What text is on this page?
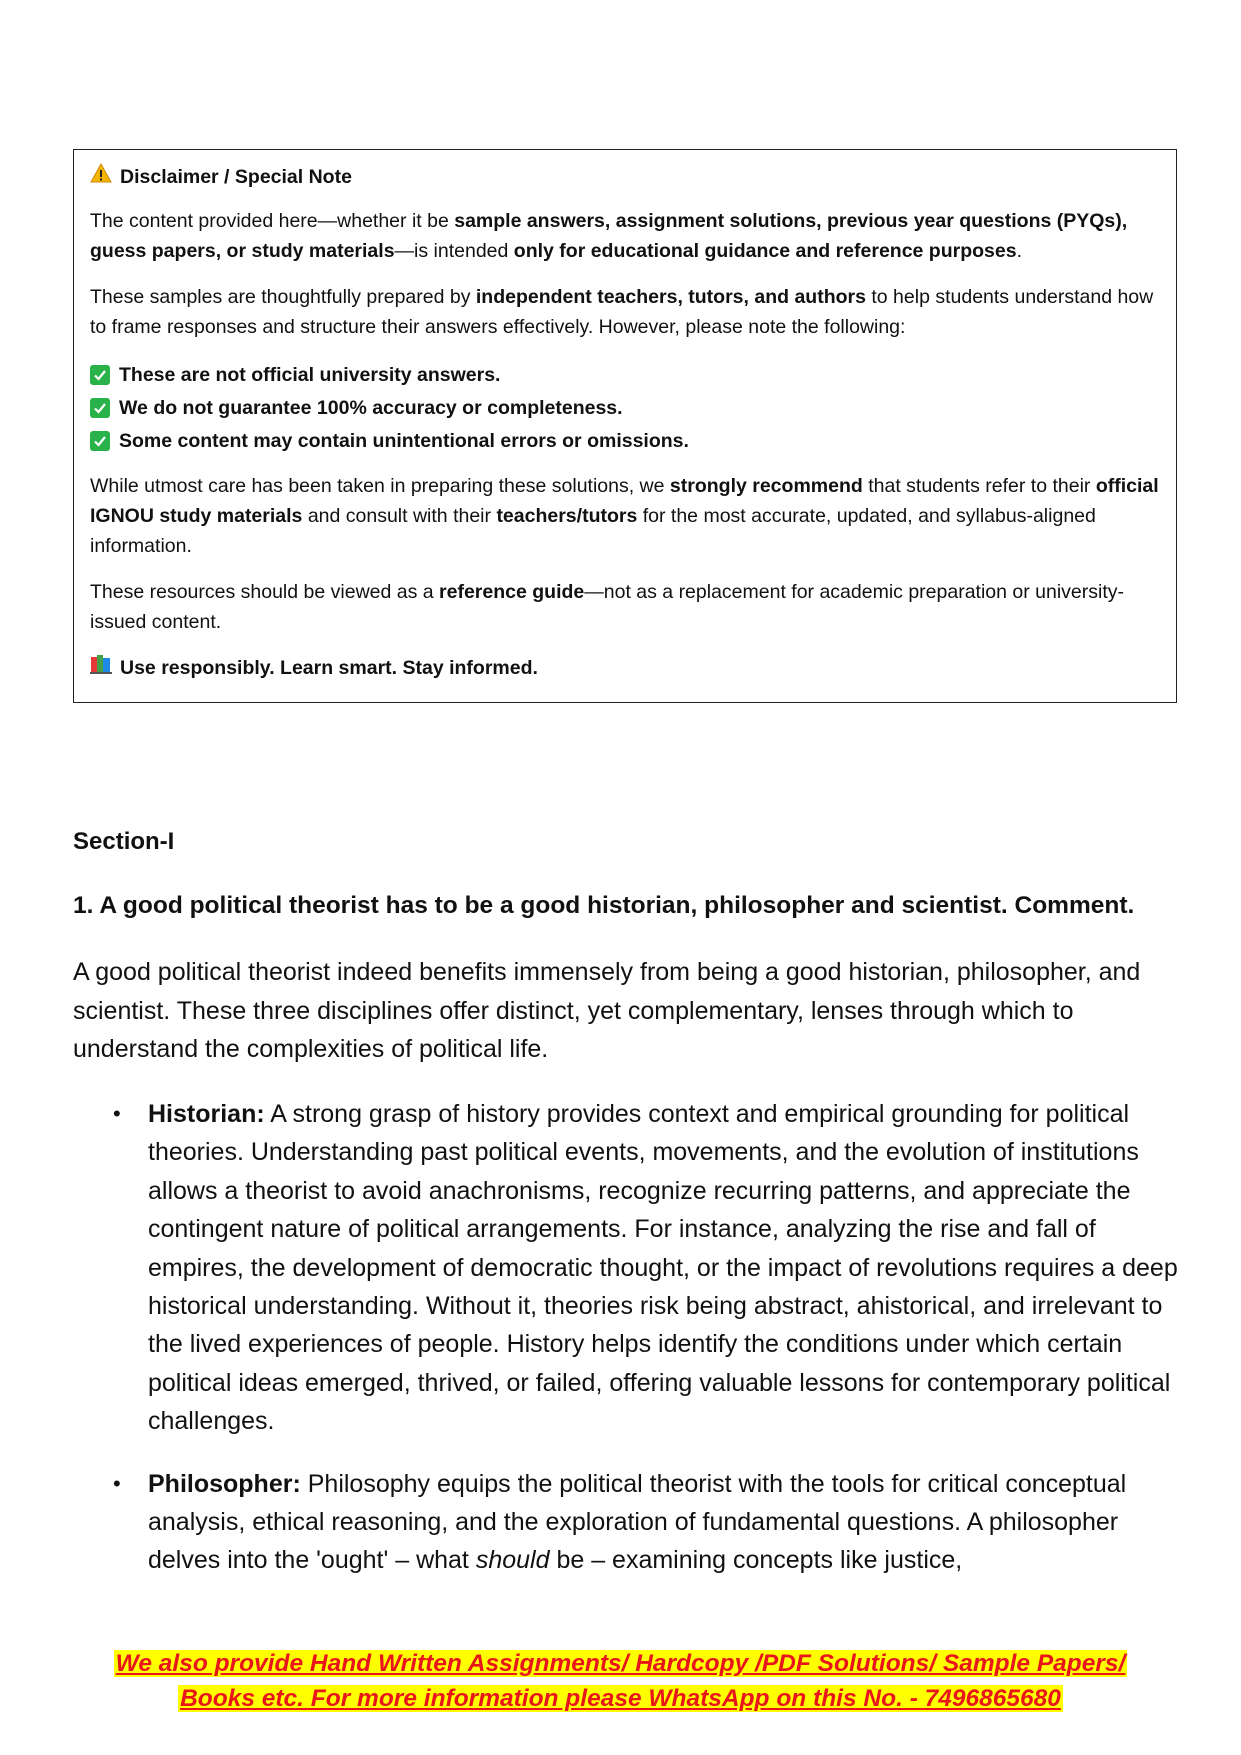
Disclaimer / Special Note

The content provided here—whether it be sample answers, assignment solutions, previous year questions (PYQs), guess papers, or study materials—is intended only for educational guidance and reference purposes.

These samples are thoughtfully prepared by independent teachers, tutors, and authors to help students understand how to frame responses and structure their answers effectively. However, please note the following:

These are not official university answers.
We do not guarantee 100% accuracy or completeness.
Some content may contain unintentional errors or omissions.

While utmost care has been taken in preparing these solutions, we strongly recommend that students refer to their official IGNOU study materials and consult with their teachers/tutors for the most accurate, updated, and syllabus-aligned information.

These resources should be viewed as a reference guide—not as a replacement for academic preparation or university-issued content.

Use responsibly. Learn smart. Stay informed.
Section-I
1. A good political theorist has to be a good historian, philosopher and scientist. Comment.

A good political theorist indeed benefits immensely from being a good historian, philosopher, and scientist. These three disciplines offer distinct, yet complementary, lenses through which to understand the complexities of political life.

• Historian: A strong grasp of history provides context and empirical grounding for political theories. Understanding past political events, movements, and the evolution of institutions allows a theorist to avoid anachronisms, recognize recurring patterns, and appreciate the contingent nature of political arrangements. For instance, analyzing the rise and fall of empires, the development of democratic thought, or the impact of revolutions requires a deep historical understanding. Without it, theories risk being abstract, ahistorical, and irrelevant to the lived experiences of people. History helps identify the conditions under which certain political ideas emerged, thrived, or failed, offering valuable lessons for contemporary political challenges.
• Philosopher: Philosophy equips the political theorist with the tools for critical conceptual analysis, ethical reasoning, and the exploration of fundamental questions. A philosopher delves into the 'ought' – what should be – examining concepts like justice,
We also provide Hand Written Assignments/ Hardcopy /PDF Solutions/ Sample Papers/
Books etc. For more information please WhatsApp on this No. - 7496865680
